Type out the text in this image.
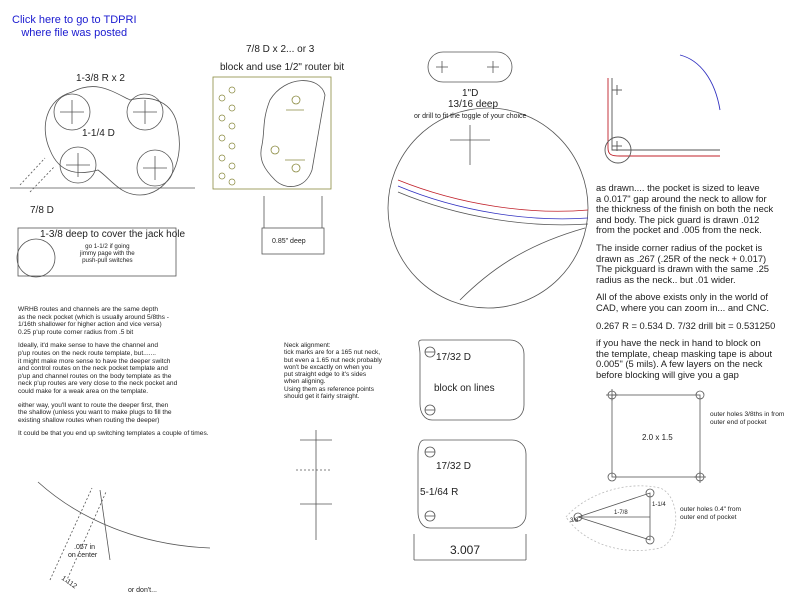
Click here to go to TDPRI
where file was posted
1-3/8 R x 2
1-1/4 D
7/8 D
1-3/8 deep to cover the jack hole
go 1-1/2 if going
jimmy page with the
push-pull switches
7/8 D x 2... or 3
block and use 1/2" router bit
0.85" deep
1"D
13/16 deep
or drill to fit the toggle of your choice
as drawn.... the pocket is sized to leave
a 0.017" gap around the neck to allow for
the thickness of the finish on both the neck
and body. The pick guard is drawn .012
from the pocket and .005 from the neck.
The inside corner radius of the pocket is
drawn as .267 (.25R of the neck + 0.017)
The pickguard is drawn with the same .25
radius as the neck.. but .01 wider.
All of the above exists only in the world of
CAD, where you can zoom in... and CNC.
0.267 R = 0.534 D. 7/32 drill bit = 0.531250
if you have the neck in hand to block on
the template, cheap masking tape is about
0.005" (5 mils). A few layers on the neck
before blocking will give you a gap
WRHB routes and channels are the same depth
as the neck pocket (which is usually around 5/8ths -
1/16th shallower for higher action and vice versa)
0.25 p'up route corner radius from .5 bit
Ideally, it'd make sense to have the channel and
p'up routes on the neck route template, but.......
it might make more sense to have the deeper switch
and control routes on the neck pocket template and
p'up and channel routes on the body template as the
neck p'up routes are very close to the neck pocket and
could make for a weak area on the template.
either way, you'll want to route the deeper first, then
the shallow (unless you want to make plugs to fill the
existing shallow routes when routing the deeper)
It could be that you end up switching templates a couple of times.
Neck alignment:
tick marks are for a 165 nut neck,
but even a 1.65 nut neck probably
won't be excactly on when you
put straight edge to it's sides
when aligning.
Using them as reference points
should get it fairly straight.
17/32 D
block on lines
17/32 D
5-1/64 R
3.007
2.0 x 1.5
outer holes 3/8ths in from
outer end of pocket
outer holes 0.4" from
outer end of pocket
1-1/4
1-7/8
3/8
.057 in
on center
1.112
or don't...
